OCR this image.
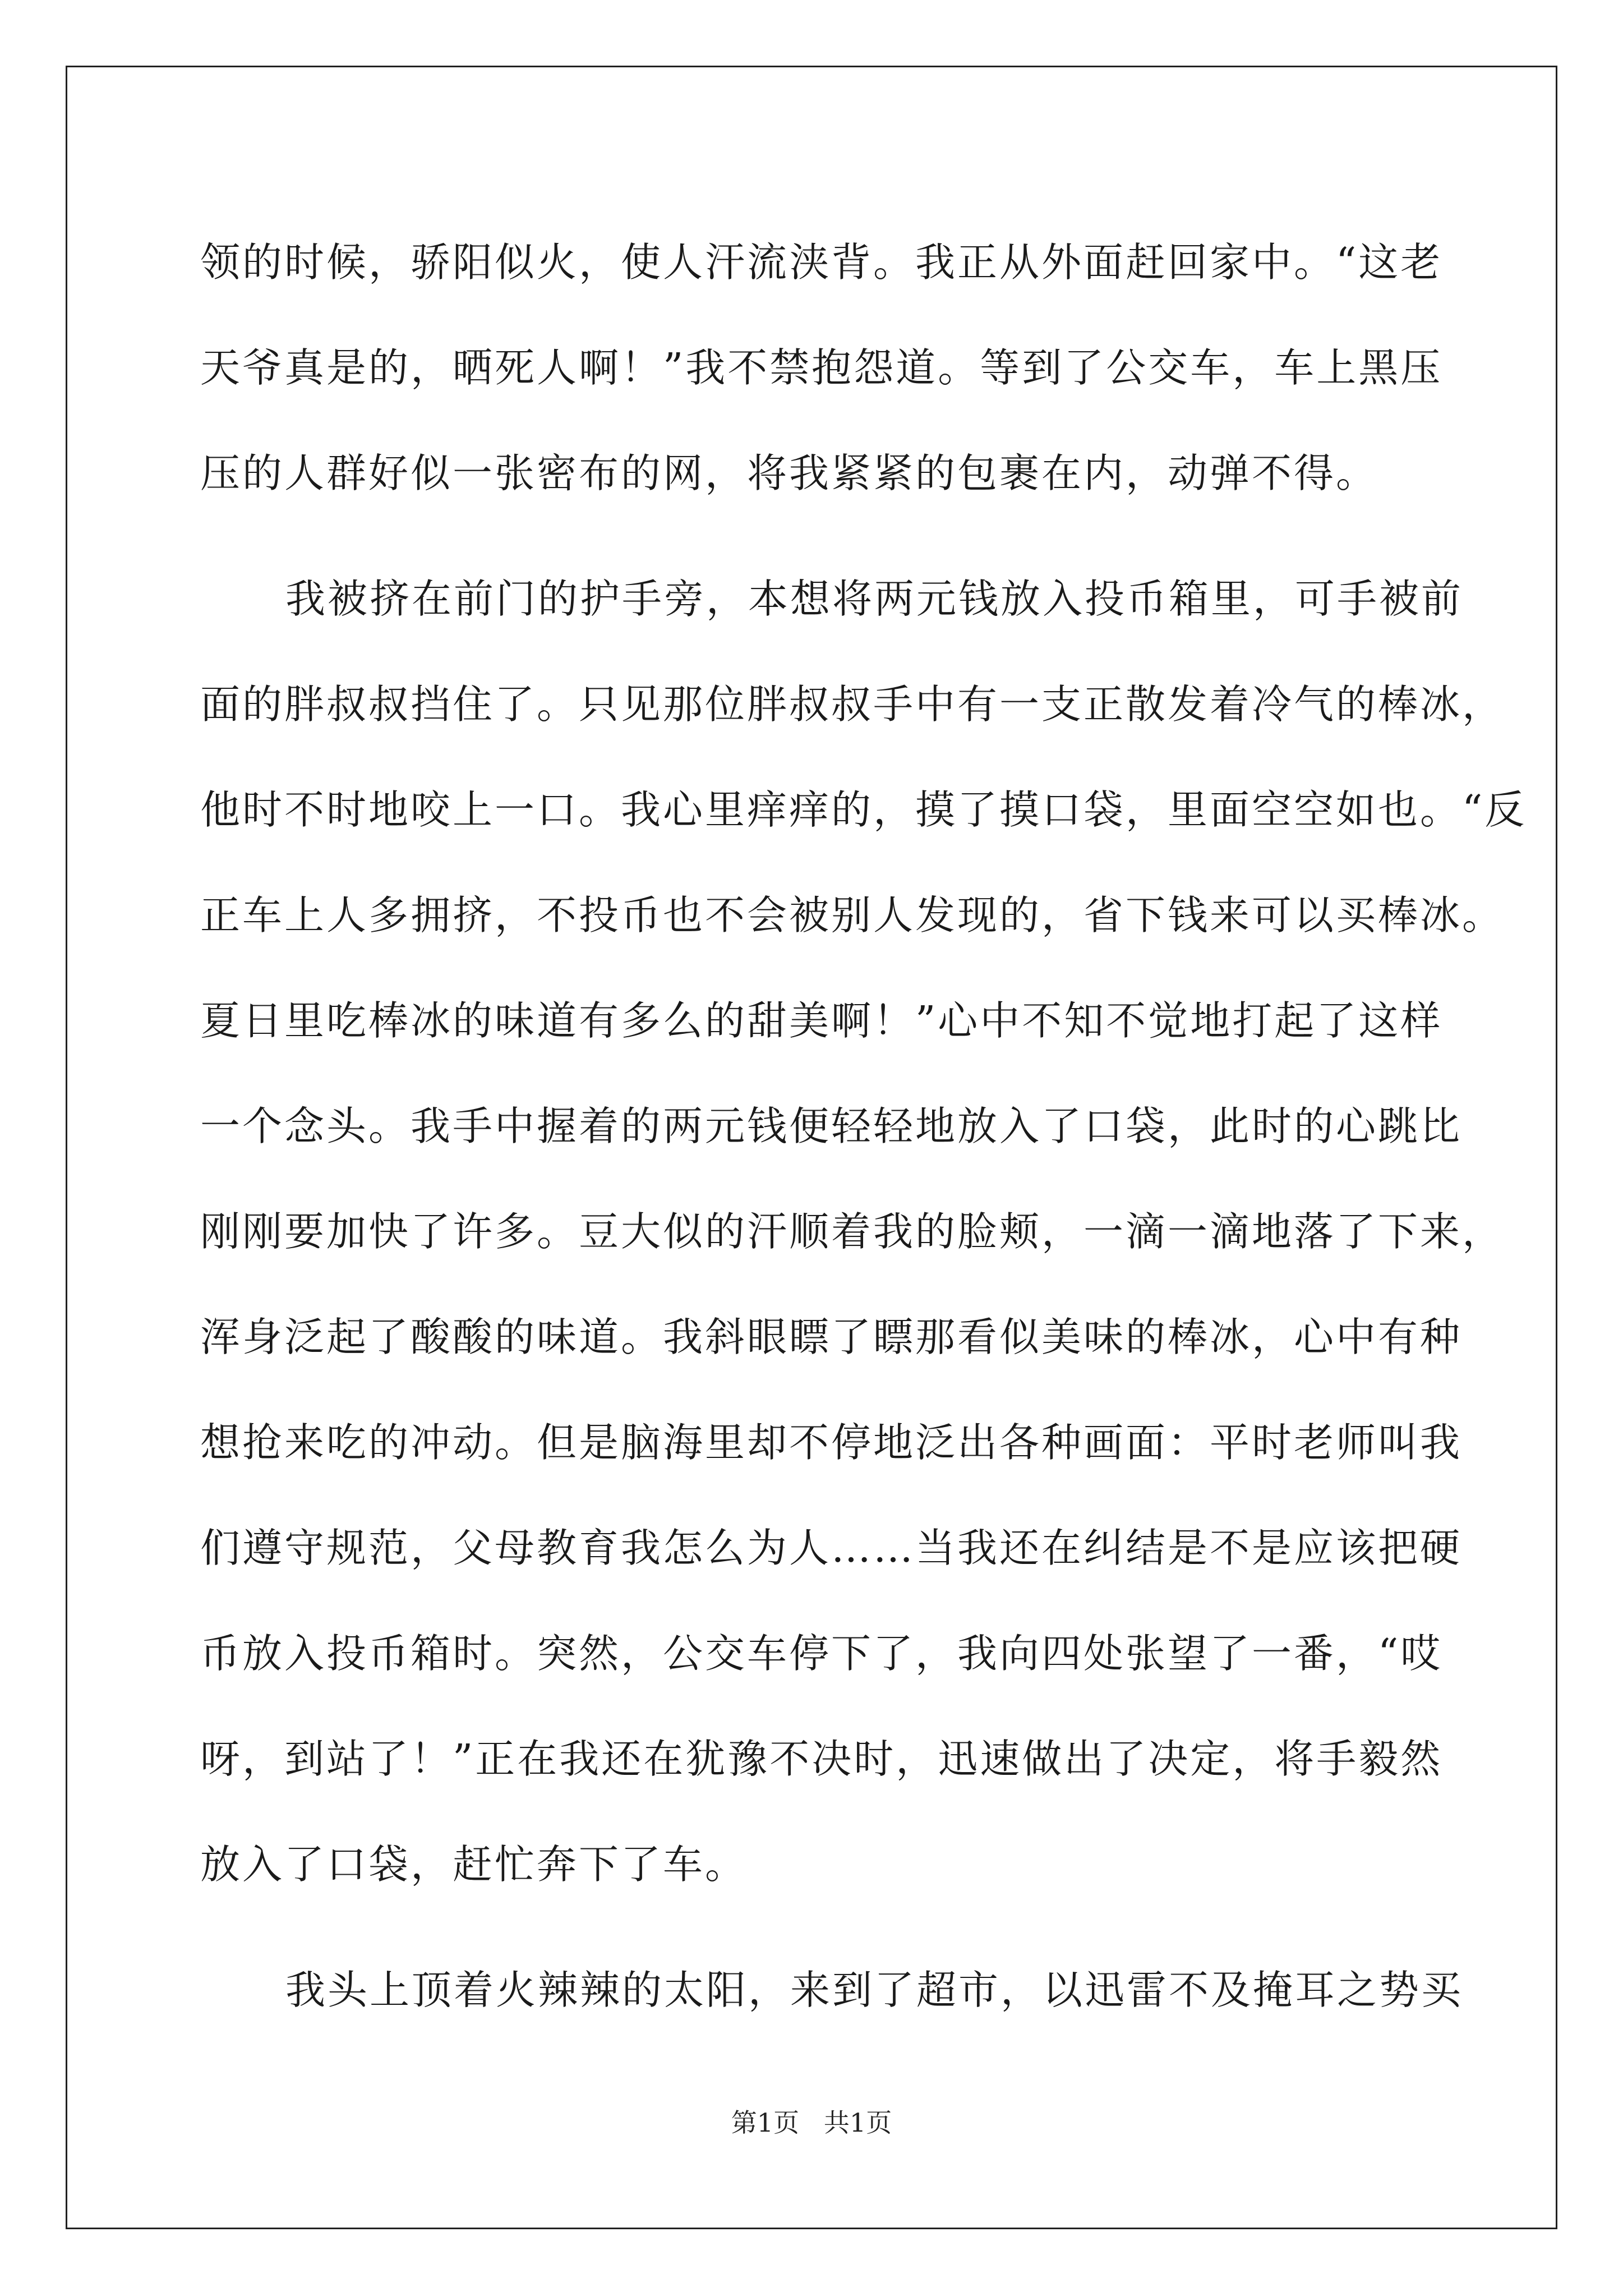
领的时候，骄阳似火，使人汗流浃背。我正从外面赶回家中。“这老
天爷真是的，晒死人啊！”我不禁抱怨道。等到了公交车，车上黑压
压的人群好似一张密布的网，将我紧紧的包裹在内，动弹不得。
我被挤在前门的护手旁，本想将两元钱放入投币箱里，可手被前
面的胖叔叔挡住了。只见那位胖叔叔手中有一支正散发着冷气的棒冰，
他时不时地咬上一口。我心里痒痒的，摸了摸口袋，里面空空如也。“反
正车上人多拥挤，不投币也不会被别人发现的，省下钱来可以买棒冰。
夏日里吃棒冰的味道有多么的甜美啊！”心中不知不觉地打起了这样
一个念头。我手中握着的两元钱便轻轻地放入了口袋，此时的心跳比
刚刚要加快了许多。豆大似的汗顺着我的脸颊，一滴一滴地落了下来，
浑身泛起了酸酸的味道。我斜眼瞟了瞟那看似美味的棒冰，心中有种
想抢来吃的冲动。但是脑海里却不停地泛出各种画面：平时老师叫我
们遵守规范，父母教育我怎么为人……当我还在纠结是不是应该把硬
币放入投币箱时。突然，公交车停下了，我向四处张望了一番，“哎
呀，到站了！”正在我还在犹豫不决时，迅速做出了决定，将手毅然
放入了口袋，赶忙奔下了车。
我头上顶着火辣辣的太阳，来到了超市，以迅雷不及掩耳之势买
第1页   共1页
